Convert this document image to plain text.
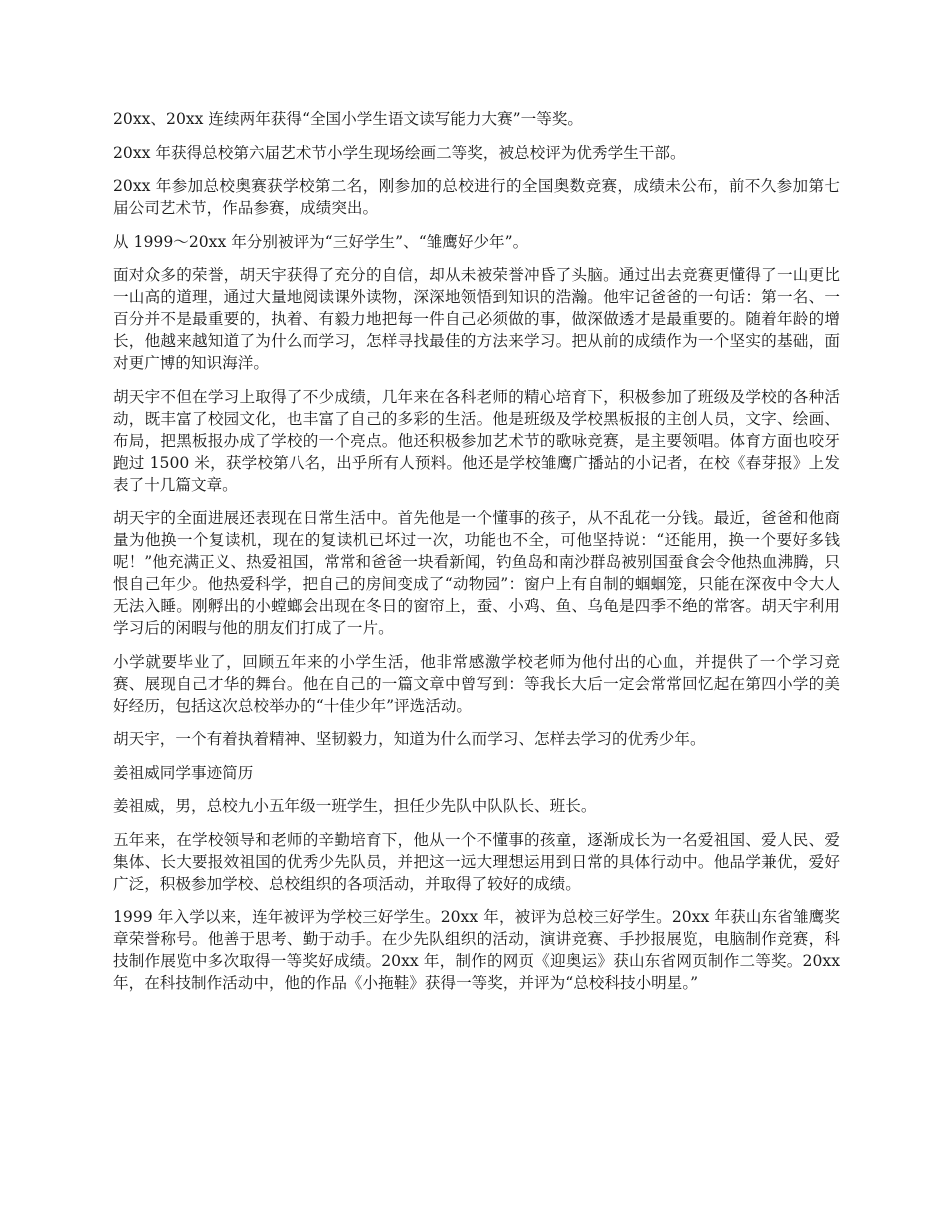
20xx、20xx 连续两年获得“全国小学生语文读写能力大赛”一等奖。

20xx 年获得总校第六届艺术节小学生现场绘画二等奖，被总校评为优秀学生干部。

20xx 年参加总校奥赛获学校第二名，刚参加的总校进行的全国奥数竞赛，成绩未公布，前不久参加第七届公司艺术节，作品参赛，成绩突出。

从 1999～20xx 年分别被评为“三好学生”、“雏鹰好少年”。

面对众多的荣誉，胡天宇获得了充分的自信，却从未被荣誉冲昏了头脑。通过出去竞赛更懂得了一山更比一山高的道理，通过大量地阅读课外读物，深深地领悟到知识的浩瀚。他牢记爸爸的一句话：第一名、一百分并不是最重要的，执着、有毅力地把每一件自己必须做的事，做深做透才是最重要的。随着年龄的增长，他越来越知道了为什么而学习，怎样寻找最佳的方法来学习。把从前的成绩作为一个坚实的基础，面对更广博的知识海洋。

胡天宇不但在学习上取得了不少成绩，几年来在各科老师的精心培育下，积极参加了班级及学校的各种活动，既丰富了校园文化，也丰富了自己的多彩的生活。他是班级及学校黑板报的主创人员，文字、绘画、布局，把黑板报办成了学校的一个亮点。他还积极参加艺术节的歌咏竞赛，是主要领唱。体育方面也咬牙跑过 1500 米，获学校第八名，出乎所有人预料。他还是学校雏鹰广播站的小记者，在校《春芽报》上发表了十几篇文章。

胡天宇的全面进展还表现在日常生活中。首先他是一个懂事的孩子，从不乱花一分钱。最近，爸爸和他商量为他换一个复读机，现在的复读机已坏过一次，功能也不全，可他坚持说：“还能用，换一个要好多钱呢！”他充满正义、热爱祖国，常常和爸爸一块看新闻，钓鱼岛和南沙群岛被别国蚕食会令他热血沸腾，只恨自己年少。他热爱科学，把自己的房间变成了“动物园”：窗户上有自制的蝈蝈笼，只能在深夜中令大人无法入睡。刚孵出的小螳螂会出现在冬日的窗帘上，蚕、小鸡、鱼、乌龟是四季不绝的常客。胡天宇利用学习后的闲暇与他的朋友们打成了一片。

小学就要毕业了，回顾五年来的小学生活，他非常感激学校老师为他付出的心血，并提供了一个学习竞赛、展现自己才华的舞台。他在自己的一篇文章中曾写到：等我长大后一定会常常回忆起在第四小学的美好经历，包括这次总校举办的“十佳少年”评选活动。

胡天宇，一个有着执着精神、坚韧毅力，知道为什么而学习、怎样去学习的优秀少年。

姜祖威同学事迹简历

姜祖威，男，总校九小五年级一班学生，担任少先队中队队长、班长。

五年来，在学校领导和老师的辛勤培育下，他从一个不懂事的孩童，逐渐成长为一名爱祖国、爱人民、爱集体、长大要报效祖国的优秀少先队员，并把这一远大理想运用到日常的具体行动中。他品学兼优，爱好广泛，积极参加学校、总校组织的各项活动，并取得了较好的成绩。

1999 年入学以来，连年被评为学校三好学生。20xx 年，被评为总校三好学生。20xx 年获山东省雏鹰奖章荣誉称号。他善于思考、勤于动手。在少先队组织的活动，演讲竞赛、手抄报展览，电脑制作竞赛，科技制作展览中多次取得一等奖好成绩。20xx 年，制作的网页《迎奥运》获山东省网页制作二等奖。20xx 年，在科技制作活动中，他的作品《小拖鞋》获得一等奖，并评为“总校科技小明星。”
